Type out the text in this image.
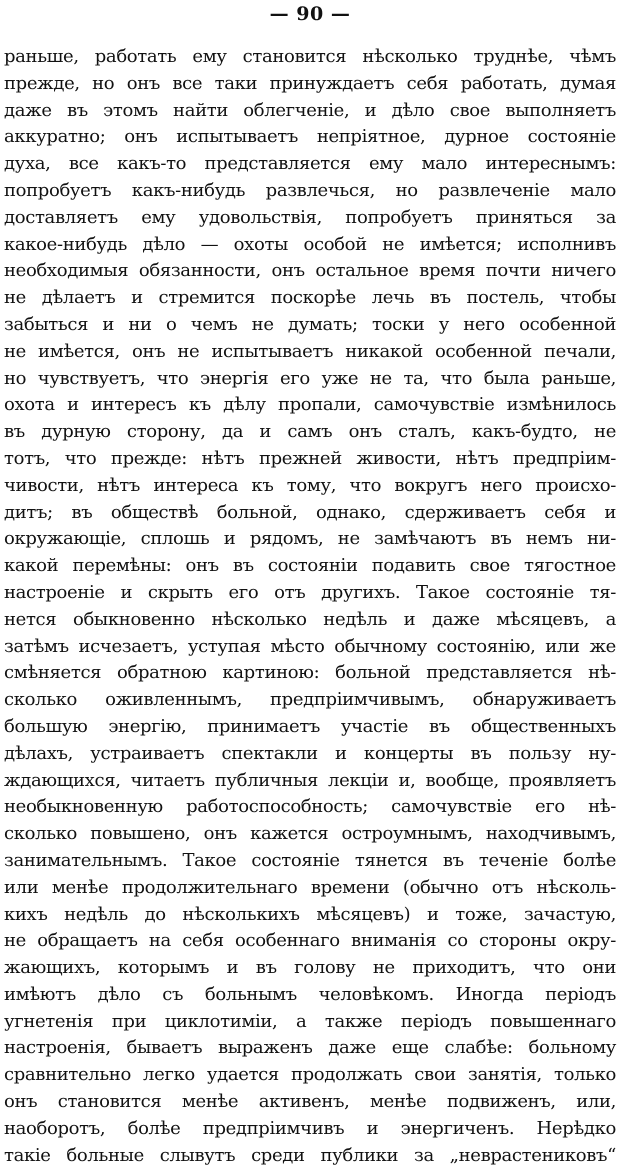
— 90 —
раньше, работать ему становится нѣсколько труднѣе, чѣмъ
прежде, но онъ все таки принуждаетъ себя работать, думая
даже въ этомъ найти облегченіе, и дѣло свое выполняетъ
аккуратно; онъ испытываетъ непріятное, дурное состояніе
духа, все какъ-то представляется ему мало интереснымъ:
попробуетъ какъ-нибудь развлечься, но развлеченіе мало
доставляетъ ему удовольствія, попробуетъ приняться за
какое-нибудь дѣло — охоты особой не имѣется; исполнивъ
необходимыя обязанности, онъ остальное время почти ничего
не дѣлаетъ и стремится поскорѣе лечь въ постель, чтобы
забыться и ни о чемъ не думать; тоски у него особенной
не имѣется, онъ не испытываетъ никакой особенной печали,
но чувствуетъ, что энергія его уже не та, что была раньше,
охота и интересъ къ дѣлу пропали, самочувствіе измѣнилось
въ дурную сторону, да и самъ онъ сталъ, какъ-будто, не
тотъ, что прежде: нѣтъ прежней живости, нѣтъ предпріим-
чивости, нѣтъ интереса къ тому, что вокругъ него происхо-
дитъ; въ обществѣ больной, однако, сдерживаетъ себя и
окружающіе, сплошь и рядомъ, не замѣчаютъ въ немъ ни-
какой перемѣны: онъ въ состояніи подавить свое тягостное
настроеніе и скрыть его отъ другихъ. Такое состояніе тя-
нется обыкновенно нѣсколько недѣль и даже мѣсяцевъ, а
затѣмъ исчезаетъ, уступая мѣсто обычному состоянію, или же
смѣняется обратною картиною: больной представляется нѣ-
сколько оживленнымъ, предпріимчивымъ, обнаруживаетъ
большую энергію, принимаетъ участіе въ общественныхъ
дѣлахъ, устраиваетъ спектакли и концерты въ пользу ну-
ждающихся, читаетъ публичныя лекціи и, вообще, проявляетъ
необыкновенную работоспособность; самочувствіе его нѣ-
сколько повышено, онъ кажется остроумнымъ, находчивымъ,
занимательнымъ. Такое состояніе тянется въ теченіе болѣе
или менѣе продолжительнаго времени (обычно отъ нѣсколь-
кихъ недѣль до нѣсколькихъ мѣсяцевъ) и тоже, зачастую,
не обращаетъ на себя особеннаго вниманія со стороны окру-
жающихъ, которымъ и въ голову не приходитъ, что они
имѣютъ дѣло съ больнымъ человѣкомъ. Иногда періодъ
угнетенія при циклотиміи, а также періодъ повышеннаго
настроенія, бываетъ выраженъ даже еще слабѣе: больному
сравнительно легко удается продолжать свои занятія, только
онъ становится менѣе активенъ, менѣе подвиженъ, или,
наоборотъ, болѣе предпріимчивъ и энергиченъ. Нерѣдко
такіе больные слывутъ среди публики за „неврастениковъ“
